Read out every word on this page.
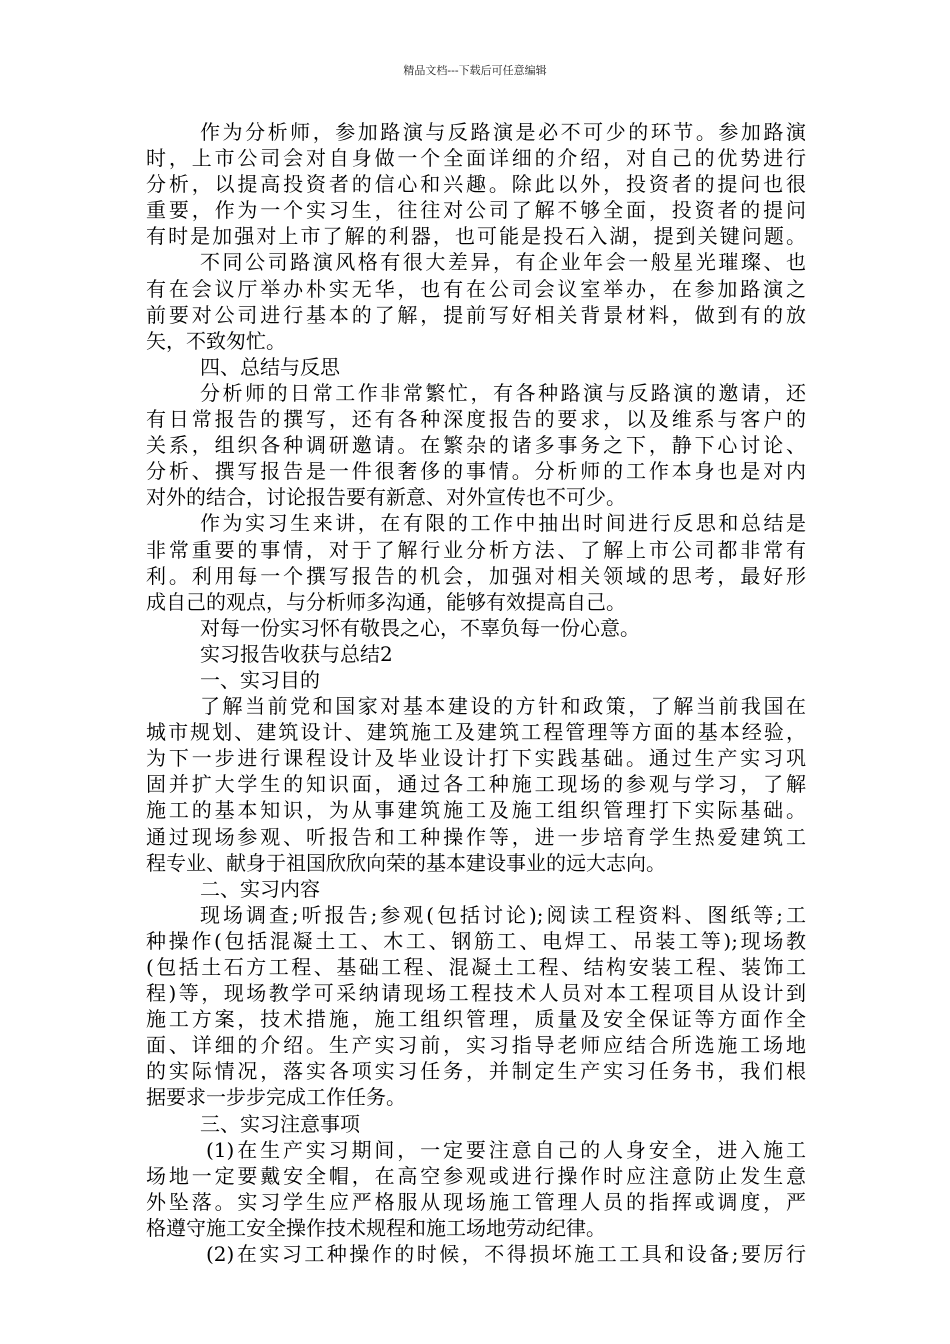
精品文档---下载后可任意编辑
作为分析师，参加路演与反路演是必不可少的环节。参加路演
时，上市公司会对自身做一个全面详细的介绍，对自己的优势进行
分析，以提高投资者的信心和兴趣。除此以外，投资者的提问也很
重要，作为一个实习生，往往对公司了解不够全面，投资者的提问
有时是加强对上市了解的利器，也可能是投石入湖，提到关键问题。
不同公司路演风格有很大差异，有企业年会一般星光璀璨、也
有在会议厅举办朴实无华，也有在公司会议室举办，在参加路演之
前要对公司进行基本的了解，提前写好相关背景材料，做到有的放
矢，不致匆忙。
四、总结与反思
分析师的日常工作非常繁忙，有各种路演与反路演的邀请，还
有日常报告的撰写，还有各种深度报告的要求，以及维系与客户的
关系，组织各种调研邀请。在繁杂的诸多事务之下，静下心讨论、
分析、撰写报告是一件很奢侈的事情。分析师的工作本身也是对内
对外的结合，讨论报告要有新意、对外宣传也不可少。
作为实习生来讲，在有限的工作中抽出时间进行反思和总结是
非常重要的事情，对于了解行业分析方法、了解上市公司都非常有
利。利用每一个撰写报告的机会，加强对相关领域的思考，最好形
成自己的观点，与分析师多沟通，能够有效提高自己。
对每一份实习怀有敬畏之心，不辜负每一份心意。
实习报告收获与总结2
一、实习目的
了解当前党和国家对基本建设的方针和政策，了解当前我国在
城市规划、建筑设计、建筑施工及建筑工程管理等方面的基本经验，
为下一步进行课程设计及毕业设计打下实践基础。通过生产实习巩
固并扩大学生的知识面，通过各工种施工现场的参观与学习，了解
施工的基本知识，为从事建筑施工及施工组织管理打下实际基础。
通过现场参观、听报告和工种操作等，进一步培育学生热爱建筑工
程专业、献身于祖国欣欣向荣的基本建设事业的远大志向。
二、实习内容
现场调查;听报告;参观(包括讨论);阅读工程资料、图纸等;工
种操作(包括混凝土工、木工、钢筋工、电焊工、吊装工等);现场教
(包括土石方工程、基础工程、混凝土工程、结构安装工程、装饰工
程)等，现场教学可采纳请现场工程技术人员对本工程项目从设计到
施工方案，技术措施，施工组织管理，质量及安全保证等方面作全
面、详细的介绍。生产实习前，实习指导老师应结合所选施工场地
的实际情况，落实各项实习任务，并制定生产实习任务书，我们根
据要求一步步完成工作任务。
三、实习注意事项
(1)在生产实习期间，一定要注意自己的人身安全，进入施工
场地一定要戴安全帽，在高空参观或进行操作时应注意防止发生意
外坠落。实习学生应严格服从现场施工管理人员的指挥或调度，严
格遵守施工安全操作技术规程和施工场地劳动纪律。
(2)在实习工种操作的时候，不得损坏施工工具和设备;要厉行
